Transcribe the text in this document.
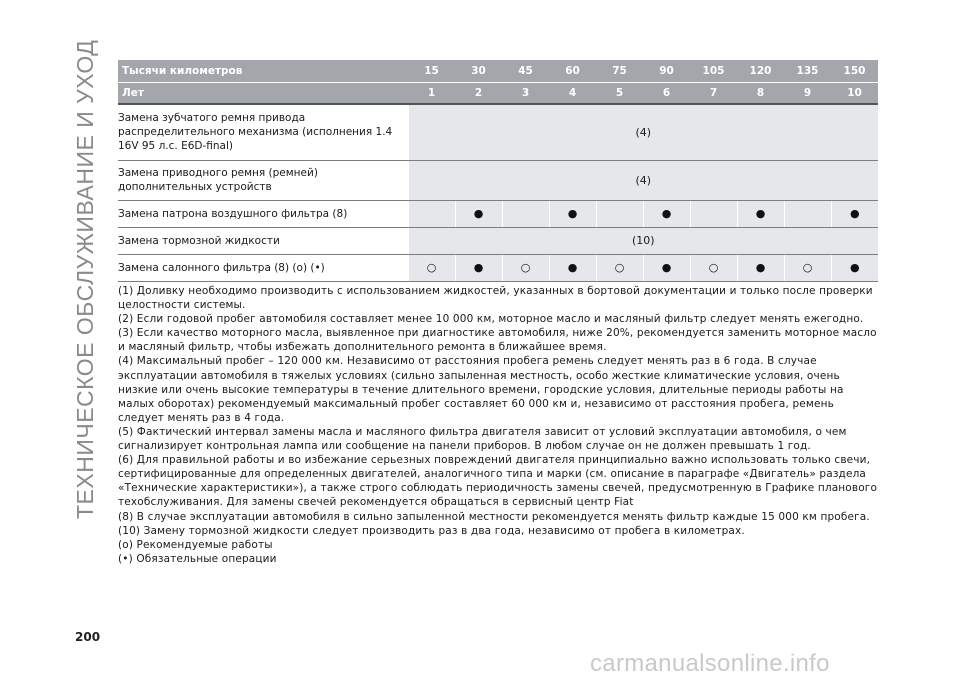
ТЕХНИЧЕСКОЕ ОБСЛУЖИВАНИЕ И УХОД	Тысячи километров	15	30	45	60	75	90	105	120	135	150
Лет	1	2	3	4	5	6	7	8	9	10
Замена зубчатого ремня привода распределительного механизма (исполнения 1.4 16V 95 л.с. E6D-final)	(4)									
Замена приводного ремня (ремней) дополнительных устройств	(4)									
Замена патрона воздушного фильтра (8)		●		●		●		●		●
Замена тормозной жидкости	(10)									
Замена салонного фильтра (8) (o) (•)	○	●	○	●	○	●	○	●	○	●

(1) Доливку необходимо производить с использованием жидкостей, указанных в бортовой документации и только после проверки целостности системы.

(2) Если годовой пробег автомобиля составляет менее 10 000 км, моторное масло и масляный фильтр следует менять ежегодно.

(3) Если качество моторного масла, выявленное при диагностике автомобиля, ниже 20%, рекомендуется заменить моторное масло и масляный фильтр, чтобы избежать дополнительного ремонта в ближайшее время.

(4) Максимальный пробег – 120 000 км. Независимо от расстояния пробега ремень следует менять раз в 6 года. В случае эксплуатации автомобиля в тяжелых условиях (сильно запыленная местность, особо жесткие климатические условия, очень низкие или очень высокие температуры в течение длительного времени, городские условия, длительные периоды работы на малых оборотах) рекомендуемый максимальный пробег составляет 60 000 км и, независимо от расстояния пробега, ремень следует менять раз в 4 года.

(5) Фактический интервал замены масла и масляного фильтра двигателя зависит от условий эксплуатации автомобиля, о чем сигнализирует контрольная лампа или сообщение на панели приборов. В любом случае он не должен превышать 1 год.

(6) Для правильной работы и во избежание серьезных повреждений двигателя принципиально важно использовать только свечи, сертифицированные для определенных двигателей, аналогичного типа и марки (см. описание в параграфе «Двигатель» раздела «Технические характеристики»), а также строго соблюдать периодичность замены свечей, предусмотренную в Графике планового техобслуживания. Для замены свечей рекомендуется обращаться в сервисный центр Fiat

(8) В случае эксплуатации автомобиля в сильно запыленной местности рекомендуется менять фильтр каждые 15 000 км пробега.

(10) Замену тормозной жидкости следует производить раз в два года, независимо от пробега в километрах.

(o) Рекомендуемые работы

(•) Обязательные операции

200
carmanualsonline.info
